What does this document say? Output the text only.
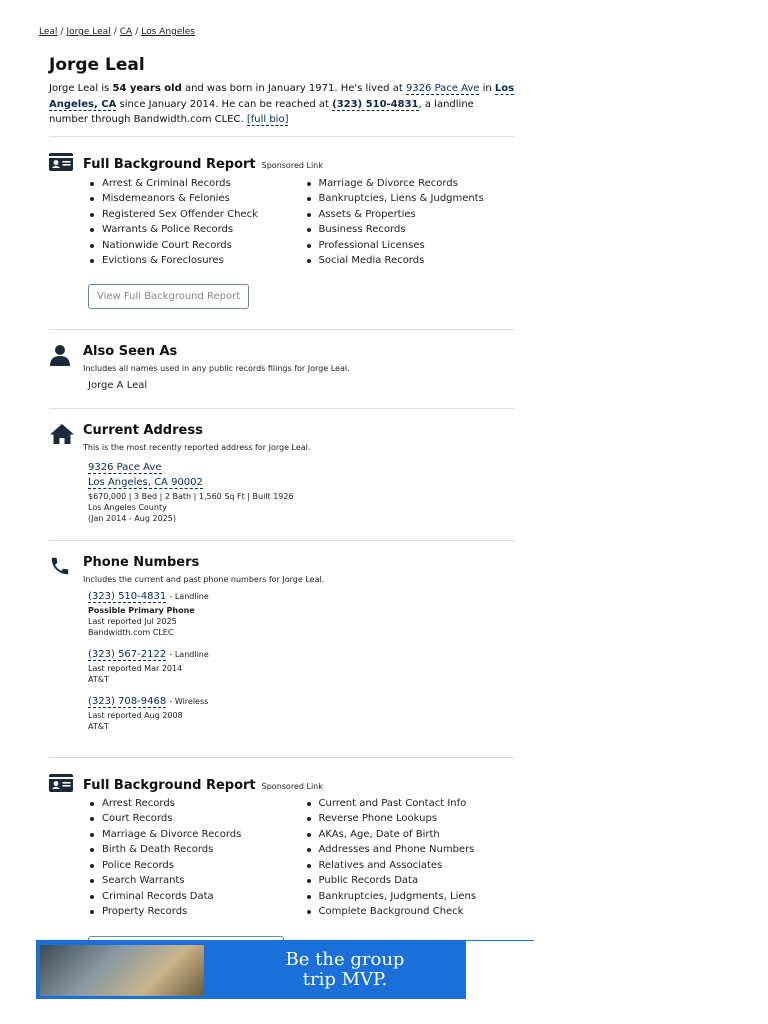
Leal / Jorge Leal / CA / Los Angeles
Jorge Leal
Jorge Leal is 54 years old and was born in January 1971. He's lived at 9326 Pace Ave in Los Angeles, CA since January 2014. He can be reached at (323) 510-4831, a landline number through Bandwidth.com CLEC. [full bio]
Full Background Report Sponsored Link
Arrest & Criminal Records
Misdemeanors & Felonies
Registered Sex Offender Check
Warrants & Police Records
Nationwide Court Records
Evictions & Foreclosures
Marriage & Divorce Records
Bankruptcies, Liens & Judgments
Assets & Properties
Business Records
Professional Licenses
Social Media Records
View Full Background Report
Also Seen As
Includes all names used in any public records filings for Jorge Leal.
Jorge A Leal
Current Address
This is the most recently reported address for Jorge Leal.
9326 Pace Ave
Los Angeles, CA 90002
$670,000 | 3 Bed | 2 Bath | 1,560 Sq Ft | Built 1926
Los Angeles County
(Jan 2014 - Aug 2025)
Phone Numbers
Includes the current and past phone numbers for Jorge Leal.
(323) 510-4831 - Landline
Possible Primary Phone
Last reported Jul 2025
Bandwidth.com CLEC
(323) 567-2122 - Landline
Last reported Mar 2014
AT&T
(323) 708-9468 - Wireless
Last reported Aug 2008
AT&T
Full Background Report Sponsored Link
Arrest Records
Court Records
Marriage & Divorce Records
Birth & Death Records
Police Records
Search Warrants
Criminal Records Data
Property Records
Current and Past Contact Info
Reverse Phone Lookups
AKAs, Age, Date of Birth
Addresses and Phone Numbers
Relatives and Associates
Public Records Data
Bankruptcies, Judgments, Liens
Complete Background Check
Be the group trip MVP.
